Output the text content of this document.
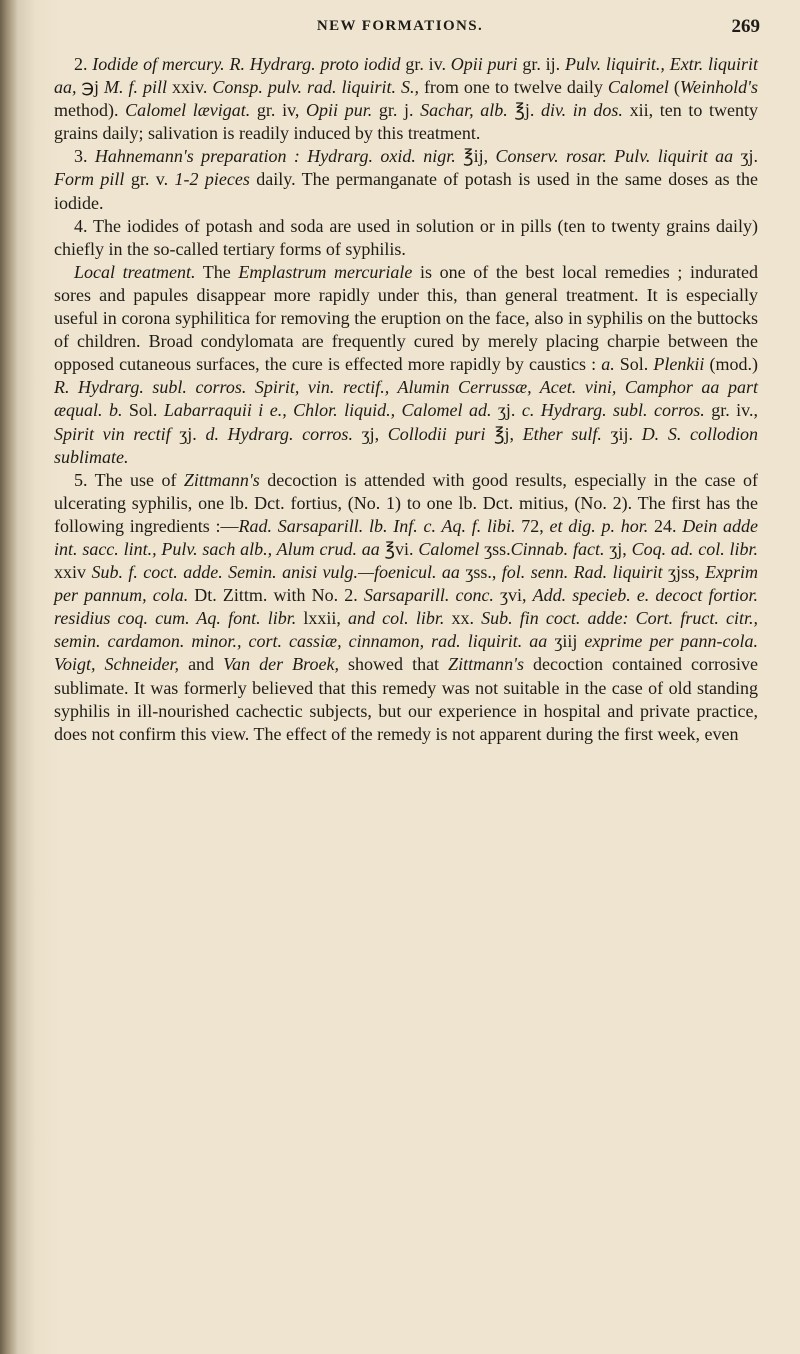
NEW FORMATIONS.	269

2. Iodide of mercury. R. Hydrarg. proto iodid gr. iv. Opii puri gr. ij. Pulv. liquirit., Extr. liquirit aa, ℈j M. f. pill xxiv. Consp. pulv. rad. liquirit. S., from one to twelve daily Calomel (Weinhold's method). Calomel lævigat. gr. iv, Opii pur. gr. j. Sachar, alb. ℥j. div. in dos. xii, ten to twenty grains daily; salivation is readily induced by this treatment.

3. Hahnemann's preparation : Hydrarg. oxid. nigr. ℥ij, Conserv. rosar. Pulv. liquirit aa ʒj. Form pill gr. v. 1-2 pieces daily. The permanganate of potash is used in the same doses as the iodide.

4. The iodides of potash and soda are used in solution or in pills (ten to twenty grains daily) chiefly in the so-called tertiary forms of syphilis.

Local treatment. The Emplastrum mercuriale is one of the best local remedies ; indurated sores and papules disappear more rapidly under this, than general treatment. It is especially useful in corona syphilitica for removing the eruption on the face, also in syphilis on the buttocks of children. Broad condylomata are frequently cured by merely placing charpie between the opposed cutaneous surfaces, the cure is effected more rapidly by caustics : a. Sol. Plenkii (mod.) R. Hydrarg. subl. corros. Spirit, vin. rectif., Alumin Cerrussæ, Acet. vini, Camphor aa part æqual. b. Sol. Labarraquii i e., Chlor. liquid., Calomel ad. ʒj. c. Hydrarg. subl. corros. gr. iv., Spirit vin rectif ʒj. d. Hydrarg. corros. ʒj, Collodii puri ℥j, Ether sulf. ʒij. D. S. collodion sublimate.

5. The use of Zittmann's decoction is attended with good results, especially in the case of ulcerating syphilis, one lb. Dct. fortius, (No. 1) to one lb. Dct. mitius, (No. 2). The first has the following ingredients :—Rad. Sarsaparill. lb. Inf. c. Aq. f. libi. 72, et dig. p. hor. 24. Dein adde int. sacc. lint., Pulv. sach alb., Alum crud. aa ℥vi. Calomel ʒss.Cinnab. fact. ʒj, Coq. ad. col. libr. xxiv Sub. f. coct. adde. Semin. anisi vulg.—foenicul. aa ʒss., fol. senn. Rad. liquirit ʒjss, Exprim per pannum, cola. Dt. Zittm. with No. 2. Sarsaparill. conc. ʒvi, Add. specieb. e. decoct fortior. residius coq. cum. Aq. font. libr. lxxii, and col. libr. xx. Sub. fin coct. adde: Cort. fruct. citr., semin. cardamon. minor., cort. cassiæ, cinnamon, rad. liquirit. aa ʒiij exprime per pann-cola. Voigt, Schneider, and Van der Broek, showed that Zittmann's decoction contained corrosive sublimate. It was formerly believed that this remedy was not suitable in the case of old standing syphilis in ill-nourished cachectic subjects, but our experience in hospital and private practice, does not confirm this view. The effect of the remedy is not apparent during the first week, even
